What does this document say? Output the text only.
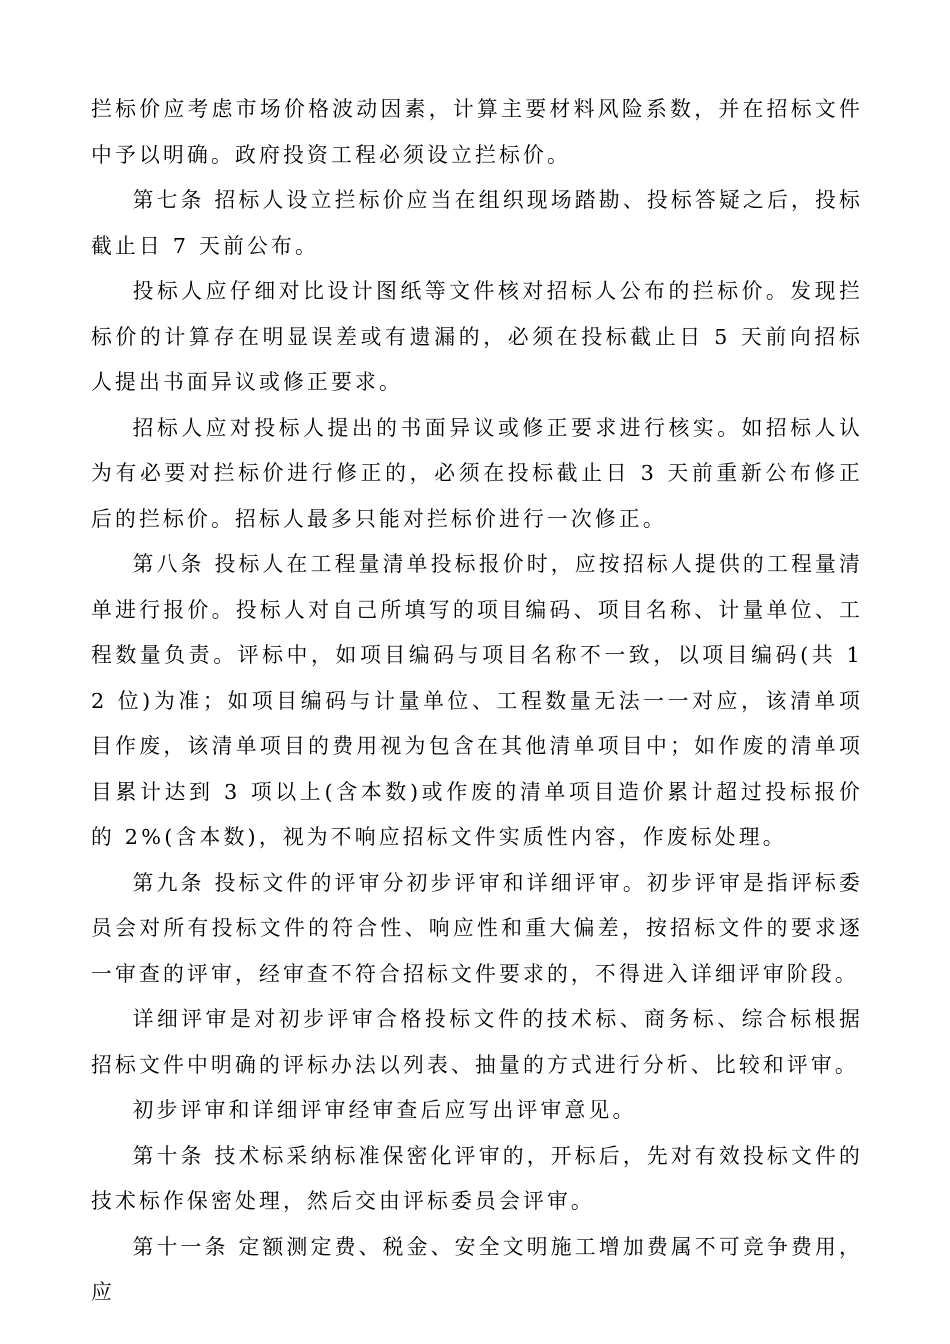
拦标价应考虑市场价格波动因素，计算主要材料风险系数，并在招标文件中予以明确。政府投资工程必须设立拦标价。

第七条 招标人设立拦标价应当在组织现场踏勘、投标答疑之后，投标截止日 7 天前公布。

投标人应仔细对比设计图纸等文件核对招标人公布的拦标价。发现拦标价的计算存在明显误差或有遗漏的，必须在投标截止日 5 天前向招标人提出书面异议或修正要求。

招标人应对投标人提出的书面异议或修正要求进行核实。如招标人认为有必要对拦标价进行修正的，必须在投标截止日 3 天前重新公布修正后的拦标价。招标人最多只能对拦标价进行一次修正。

第八条 投标人在工程量清单投标报价时，应按招标人提供的工程量清单进行报价。投标人对自己所填写的项目编码、项目名称、计量单位、工程数量负责。评标中，如项目编码与项目名称不一致，以项目编码(共 12 位)为准；如项目编码与计量单位、工程数量无法一一对应，该清单项目作废，该清单项目的费用视为包含在其他清单项目中；如作废的清单项目累计达到 3 项以上(含本数)或作废的清单项目造价累计超过投标报价的 2%(含本数)，视为不响应招标文件实质性内容，作废标处理。

第九条 投标文件的评审分初步评审和详细评审。初步评审是指评标委员会对所有投标文件的符合性、响应性和重大偏差，按招标文件的要求逐一审查的评审，经审查不符合招标文件要求的，不得进入详细评审阶段。

详细评审是对初步评审合格投标文件的技术标、商务标、综合标根据招标文件中明确的评标办法以列表、抽量的方式进行分析、比较和评审。

初步评审和详细评审经审查后应写出评审意见。

第十条 技术标采纳标准保密化评审的，开标后，先对有效投标文件的技术标作保密处理，然后交由评标委员会评审。

第十一条 定额测定费、税金、安全文明施工增加费属不可竞争费用，应
